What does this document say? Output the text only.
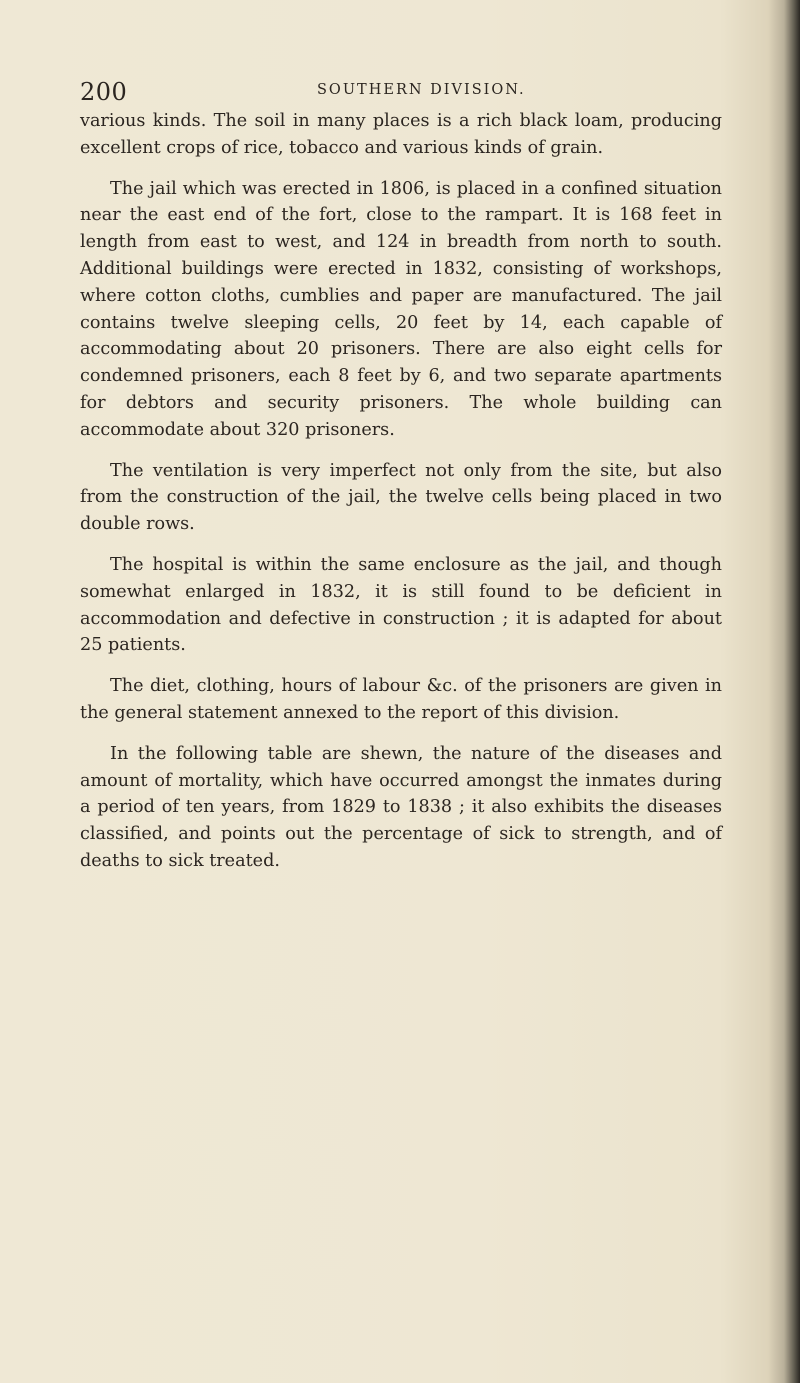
200	SOUTHERN DIVISION.

various kinds. The soil in many places is a rich black loam, producing excellent crops of rice, tobacco and various kinds of grain.

The jail which was erected in 1806, is placed in a confined situation near the east end of the fort, close to the rampart. It is 168 feet in length from east to west, and 124 in breadth from north to south. Additional buildings were erected in 1832, consisting of workshops, where cotton cloths, cumblies and paper are manufactured. The jail contains twelve sleeping cells, 20 feet by 14, each capable of accommodating about 20 prisoners. There are also eight cells for condemned prisoners, each 8 feet by 6, and two separate apartments for debtors and security prisoners. The whole building can accommodate about 320 prisoners.

The ventilation is very imperfect not only from the site, but also from the construction of the jail, the twelve cells being placed in two double rows.

The hospital is within the same enclosure as the jail, and though somewhat enlarged in 1832, it is still found to be deficient in accommodation and defective in construction ; it is adapted for about 25 patients.

The diet, clothing, hours of labour &c. of the prisoners are given in the general statement annexed to the report of this division.

In the following table are shewn, the nature of the diseases and amount of mortality, which have occurred amongst the inmates during a period of ten years, from 1829 to 1838 ; it also exhibits the diseases classified, and points out the percentage of sick to strength, and of deaths to sick treated.
